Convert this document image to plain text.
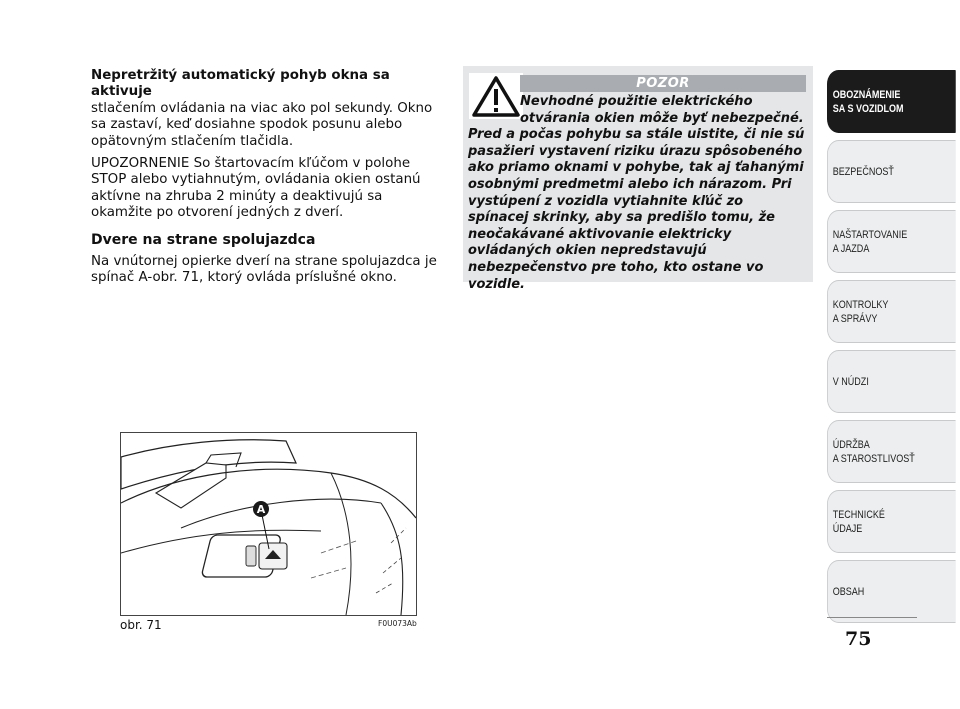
Nepretržitý automatický pohyb okna sa aktivuje
stlačením ovládania na viac ako pol sekundy. Okno sa zastaví, keď dosiahne spodok posunu alebo opätovným stlačením tlačidla.

UPOZORNENIE So štartovacím kľúčom v polohe STOP alebo vytiahnutým, ovládania okien ostanú aktívne na zhruba 2 minúty a deaktivujú sa okamžite po otvorení jedných z dverí.

Dvere na strane spolujazdca

Na vnútornej opierke dverí na strane spolujazdca je spínač A-obr. 71, ktorý ovláda príslušné okno.

POZOR
Nevhodné použitie elektrického
otvárania okien môže byť nebezpečné.
Pred a počas pohybu sa stále uistite, či nie sú pasažieri vystavení riziku úrazu spôsobeného ako priamo oknami v pohybe, tak aj ťahanými osobnými predmetmi alebo ich nárazom. Pri vystúpení z vozidla vytiahnite kľúč zo spínacej skrinky, aby sa predišlo tomu, že neočakávané aktivovanie elektricky ovládaných okien nepredstavujú nebezpečenstvo pre toho, kto ostane vo vozidle.
A
obr. 71	F0U073Ab
OBOZNÁMENIE
SA S VOZIDLOM
BEZPEČNOSŤ
NAŠTARTOVANIE
A JAZDA
KONTROLKY
A SPRÁVY
V NÚDZI
ÚDRŽBA
A STAROSTLIVOSŤ
TECHNICKÉ
ÚDAJE
OBSAH
75
